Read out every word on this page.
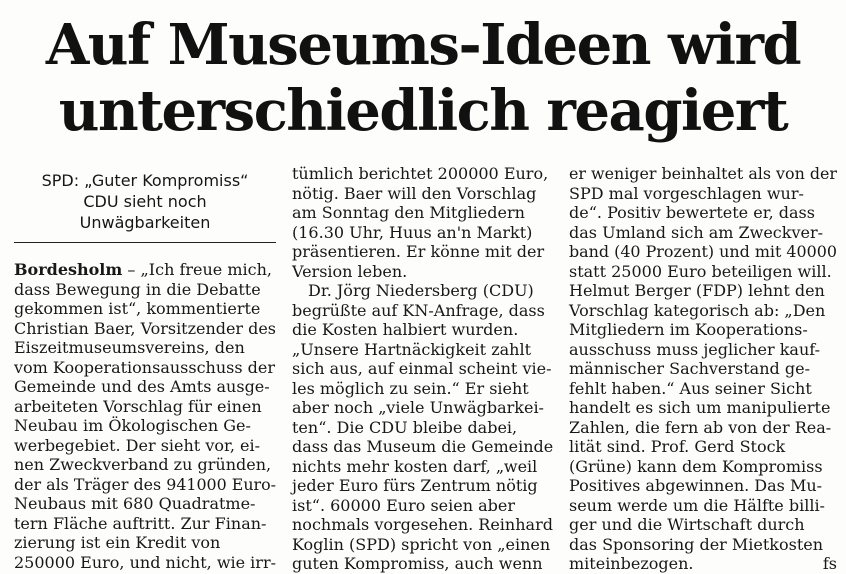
Auf Museums-Ideen wird
unterschiedlich reagiert
SPD: „Guter Kompromiss“
CDU sieht noch
Unwägbarkeiten
Bordesholm – „Ich freue mich,
dass Bewegung in die Debatte
gekommen ist“, kommentierte
Christian Baer, Vorsitzender des
Eiszeitmuseumsvereins, den
vom Kooperationsausschuss der
Gemeinde und des Amts ausge-
arbeiteten Vorschlag für einen
Neubau im Ökologischen Ge-
werbegebiet. Der sieht vor, ei-
nen Zweckverband zu gründen,
der als Träger des 941000 Euro-
Neubaus mit 680 Quadratme-
tern Fläche auftritt. Zur Finan-
zierung ist ein Kredit von
250000 Euro, und nicht, wie irr-
tümlich berichtet 200000 Euro,
nötig. Baer will den Vorschlag
am Sonntag den Mitgliedern
(16.30 Uhr, Huus an'n Markt)
präsentieren. Er könne mit der
Version leben.
Dr. Jörg Niedersberg (CDU)
begrüßte auf KN-Anfrage, dass
die Kosten halbiert wurden.
„Unsere Hartnäckigkeit zahlt
sich aus, auf einmal scheint vie-
les möglich zu sein.“ Er sieht
aber noch „viele Unwägbarkei-
ten“. Die CDU bleibe dabei,
dass das Museum die Gemeinde
nichts mehr kosten darf, „weil
jeder Euro fürs Zentrum nötig
ist“. 60000 Euro seien aber
nochmals vorgesehen. Reinhard
Koglin (SPD) spricht von „einen
guten Kompromiss, auch wenn
er weniger beinhaltet als von der
SPD mal vorgeschlagen wur-
de“. Positiv bewertete er, dass
das Umland sich am Zweckver-
band (40 Prozent) und mit 40000
statt 25000 Euro beteiligen will.
Helmut Berger (FDP) lehnt den
Vorschlag kategorisch ab: „Den
Mitgliedern im Kooperations-
ausschuss muss jeglicher kauf-
männischer Sachverstand ge-
fehlt haben.“ Aus seiner Sicht
handelt es sich um manipulierte
Zahlen, die fern ab von der Rea-
lität sind. Prof. Gerd Stock
(Grüne) kann dem Kompromiss
Positives abgewinnen. Das Mu-
seum werde um die Hälfte billi-
ger und die Wirtschaft durch
das Sponsoring der Mietkosten
miteinbezogen.	fs
